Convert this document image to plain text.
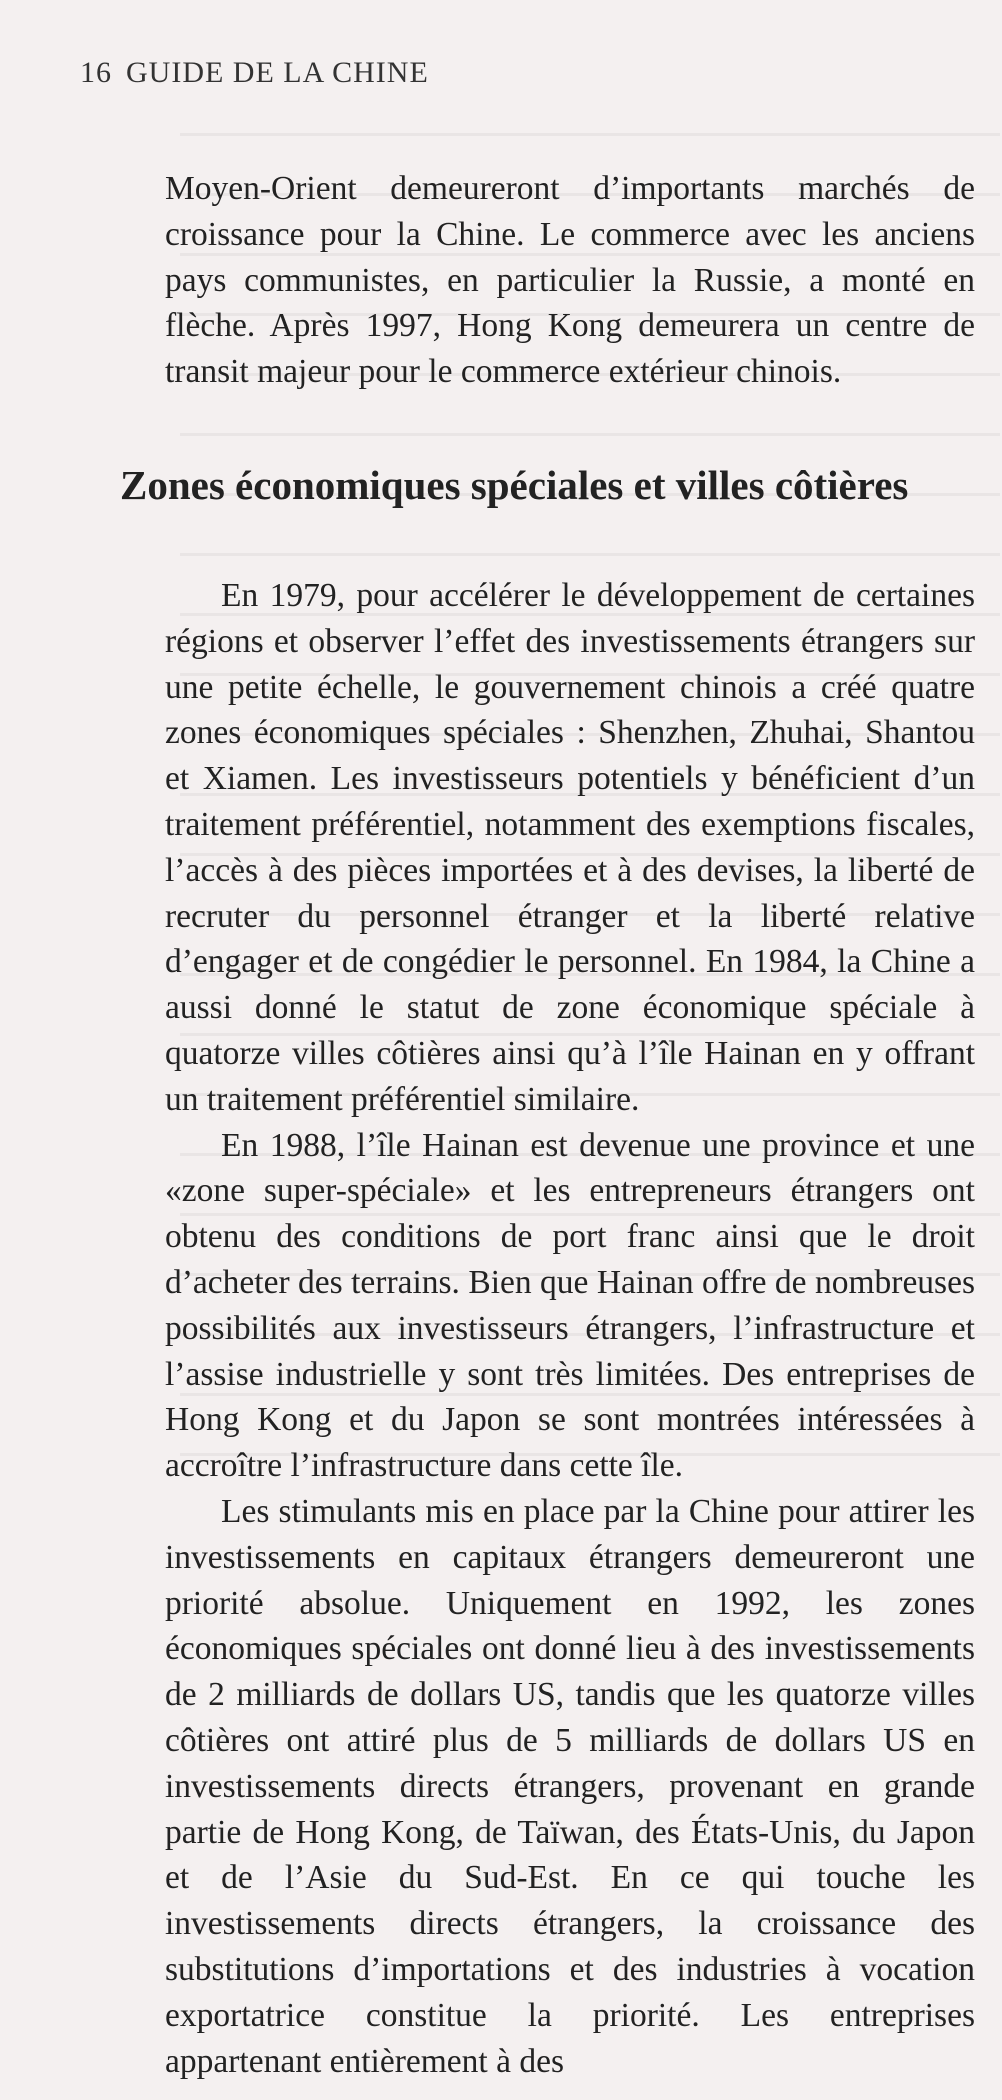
16 GUIDE DE LA CHINE

Moyen-Orient demeureront d’importants marchés de croissance pour la Chine. Le commerce avec les anciens pays communistes, en particulier la Russie, a monté en flèche. Après 1997, Hong Kong demeurera un centre de transit majeur pour le commerce extérieur chinois.

Zones économiques spéciales et villes côtières

En 1979, pour accélérer le développement de certaines régions et observer l’effet des investissements étrangers sur une petite échelle, le gouvernement chinois a créé quatre zones économiques spéciales : Shenzhen, Zhuhai, Shantou et Xiamen. Les investisseurs potentiels y bénéficient d’un traitement préférentiel, notamment des exemptions fiscales, l’accès à des pièces importées et à des devises, la liberté de recruter du personnel étranger et la liberté relative d’engager et de congédier le personnel. En 1984, la Chine a aussi donné le statut de zone économique spéciale à quatorze villes côtières ainsi qu’à l’île Hainan en y offrant un traitement préférentiel similaire.

En 1988, l’île Hainan est devenue une province et une «zone super-spéciale» et les entrepreneurs étrangers ont obtenu des conditions de port franc ainsi que le droit d’acheter des terrains. Bien que Hainan offre de nombreuses possibilités aux investisseurs étrangers, l’infrastructure et l’assise industrielle y sont très limitées. Des entreprises de Hong Kong et du Japon se sont montrées intéressées à accroître l’infrastructure dans cette île.

Les stimulants mis en place par la Chine pour attirer les investissements en capitaux étrangers demeureront une priorité absolue. Uniquement en 1992, les zones économiques spéciales ont donné lieu à des investissements de 2 milliards de dollars US, tandis que les quatorze villes côtières ont attiré plus de 5 milliards de dollars US en investissements directs étrangers, provenant en grande partie de Hong Kong, de Taïwan, des États-Unis, du Japon et de l’Asie du Sud-Est. En ce qui touche les investissements directs étrangers, la croissance des substitutions d’importations et des industries à vocation exportatrice constitue la priorité. Les entreprises appartenant entièrement à des
